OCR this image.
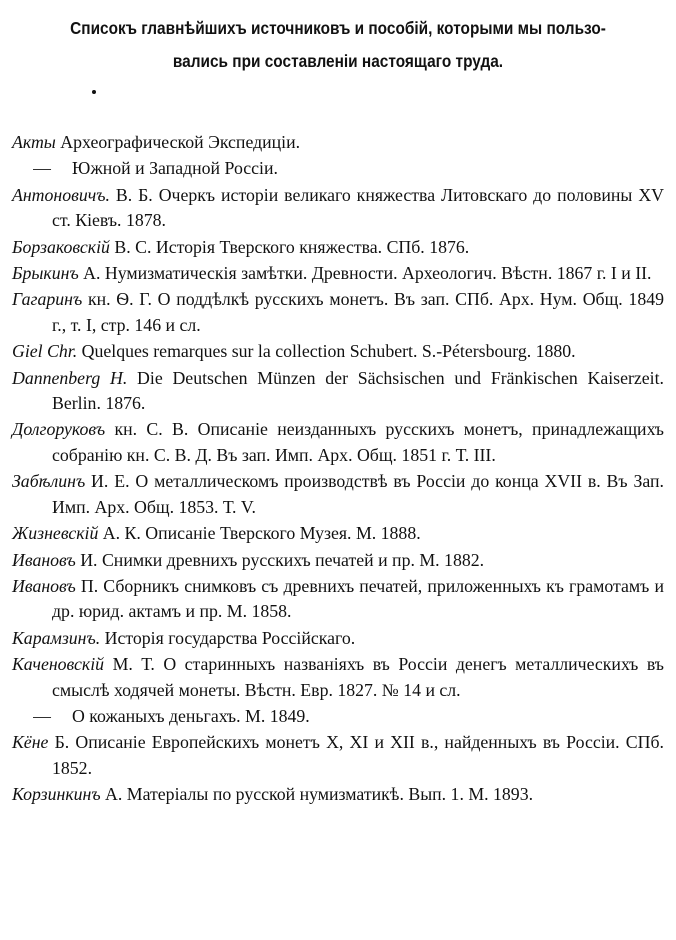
Списокъ главнѣйшихъ источниковъ и пособій, которыми мы пользо-
вались при составленіи настоящаго труда.

Акты Археографической Экспедиціи.

— Южной и Западной Россіи.

Антоновичъ. В. Б. Очеркъ исторіи великаго княжества Литовскаго до половины XV ст. Кіевъ. 1878.

Борзаковскій В. С. Исторія Тверского княжества. СПб. 1876.

Брыкинъ А. Нумизматическія замѣтки. Древности. Археологич. Вѣстн. 1867 г. I и II.

Гагаринъ кн. Ѳ. Г. О поддѣлкѣ русскихъ монетъ. Въ зап. СПб. Арх. Нум. Общ. 1849 г., т. I, стр. 146 и сл.

Giel Chr. Quelques remarques sur la collection Schubert. S.-Pétersbourg. 1880.

Dannenberg H. Die Deutschen Münzen der Sächsischen und Fränkischen Kaiserzeit. Berlin. 1876.

Долгоруковъ кн. С. В. Описаніе неизданныхъ русскихъ монетъ, принадлежащихъ собранію кн. С. В. Д. Въ зап. Имп. Арх. Общ. 1851 г. Т. III.

Забѣлинъ И. Е. О металлическомъ производствѣ въ Россіи до конца XVII в. Въ Зап. Имп. Арх. Общ. 1853. Т. V.

Жизневскій А. К. Описаніе Тверского Музея. М. 1888.

Ивановъ И. Снимки древнихъ русскихъ печатей и пр. М. 1882.

Ивановъ П. Сборникъ снимковъ съ древнихъ печатей, приложенныхъ къ грамотамъ и др. юрид. актамъ и пр. М. 1858.

Карамзинъ. Исторія государства Россійскаго.

Каченовскій М. Т. О старинныхъ названіяхъ въ Россіи денегъ металлическихъ въ смыслѣ ходячей монеты. Вѣстн. Евр. 1827. № 14 и сл.

— О кожаныхъ деньгахъ. М. 1849.

Кёне Б. Описаніе Европейскихъ монетъ X, XI и XII в., найденныхъ въ Россіи. СПб. 1852.

Корзинкинъ А. Матеріалы по русской нумизматикѣ. Вып. 1. М. 1893.
